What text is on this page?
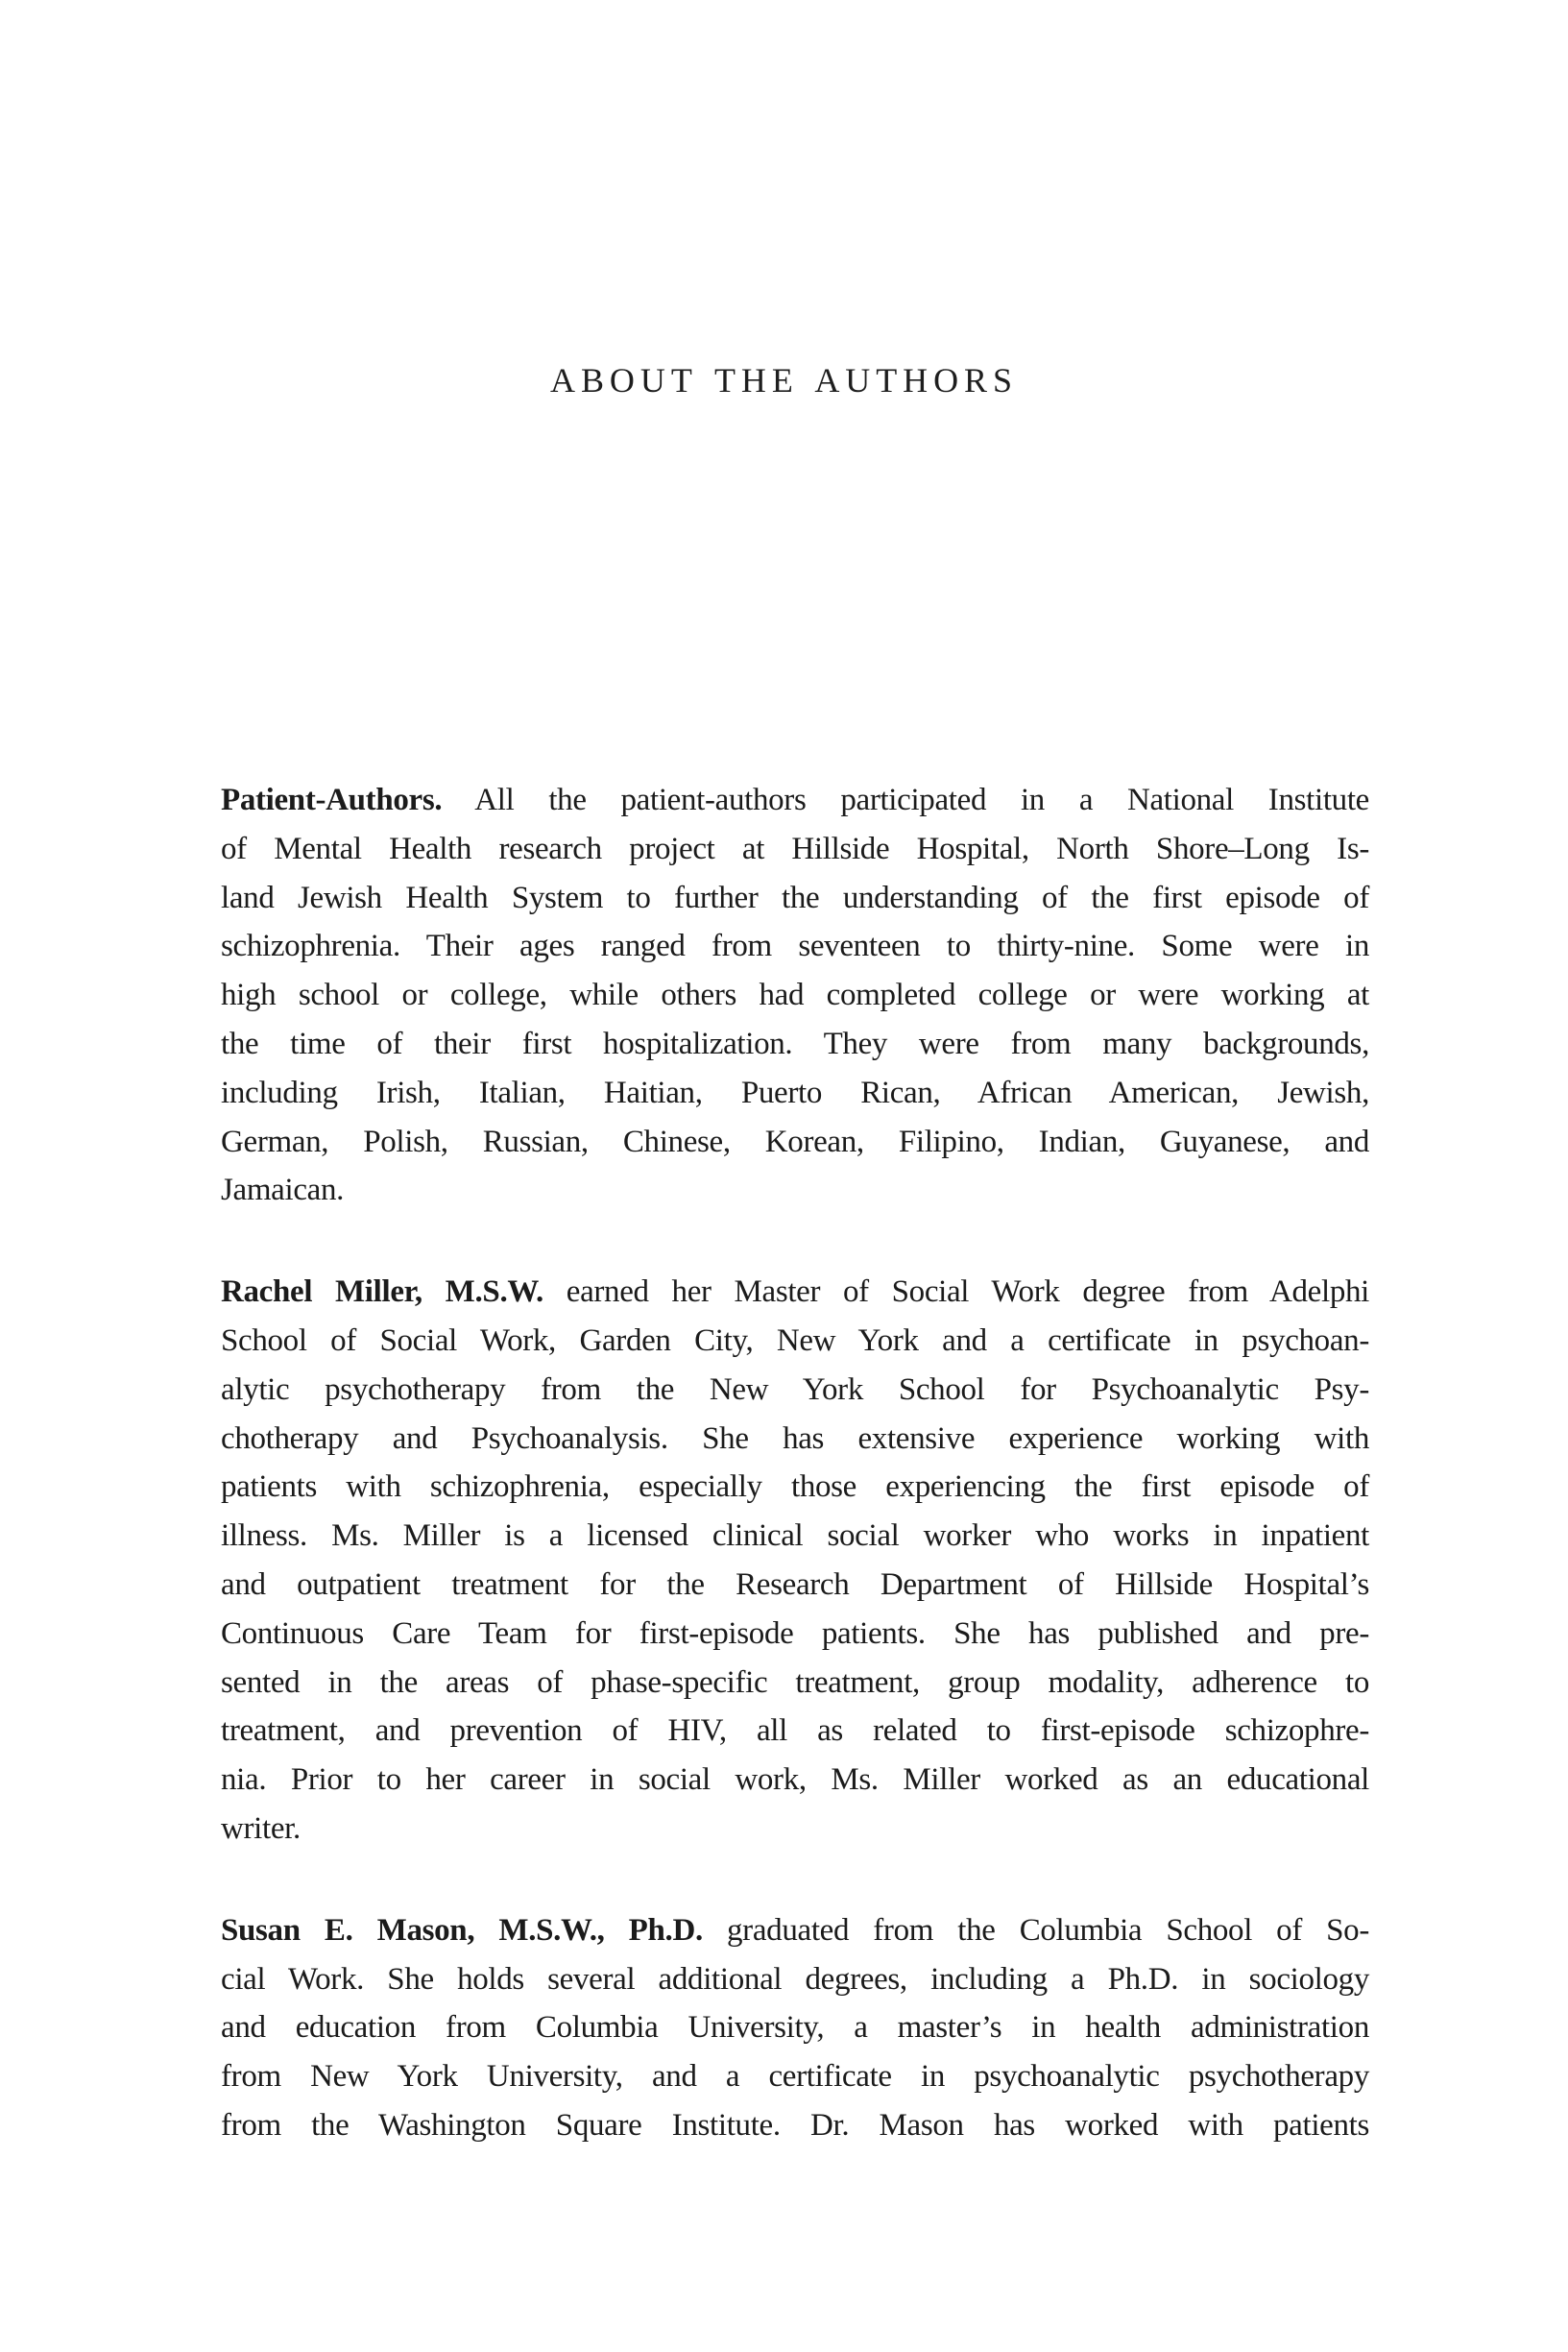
ABOUT THE AUTHORS
Patient-Authors. All the patient-authors participated in a National Institute
of Mental Health research project at Hillside Hospital, North Shore–Long Is-
land Jewish Health System to further the understanding of the first episode of
schizophrenia. Their ages ranged from seventeen to thirty-nine. Some were in
high school or college, while others had completed college or were working at
the time of their first hospitalization. They were from many backgrounds,
including Irish, Italian, Haitian, Puerto Rican, African American, Jewish,
German, Polish, Russian, Chinese, Korean, Filipino, Indian, Guyanese, and
Jamaican.
Rachel Miller, M.S.W. earned her Master of Social Work degree from Adelphi
School of Social Work, Garden City, New York and a certificate in psychoan-
alytic psychotherapy from the New York School for Psychoanalytic Psy-
chotherapy and Psychoanalysis. She has extensive experience working with
patients with schizophrenia, especially those experiencing the first episode of
illness. Ms. Miller is a licensed clinical social worker who works in inpatient
and outpatient treatment for the Research Department of Hillside Hospital’s
Continuous Care Team for first-episode patients. She has published and pre-
sented in the areas of phase-specific treatment, group modality, adherence to
treatment, and prevention of HIV, all as related to first-episode schizophre-
nia. Prior to her career in social work, Ms. Miller worked as an educational
writer.
Susan E. Mason, M.S.W., Ph.D. graduated from the Columbia School of So-
cial Work. She holds several additional degrees, including a Ph.D. in sociology
and education from Columbia University, a master’s in health administration
from New York University, and a certificate in psychoanalytic psychotherapy
from the Washington Square Institute. Dr. Mason has worked with patients
